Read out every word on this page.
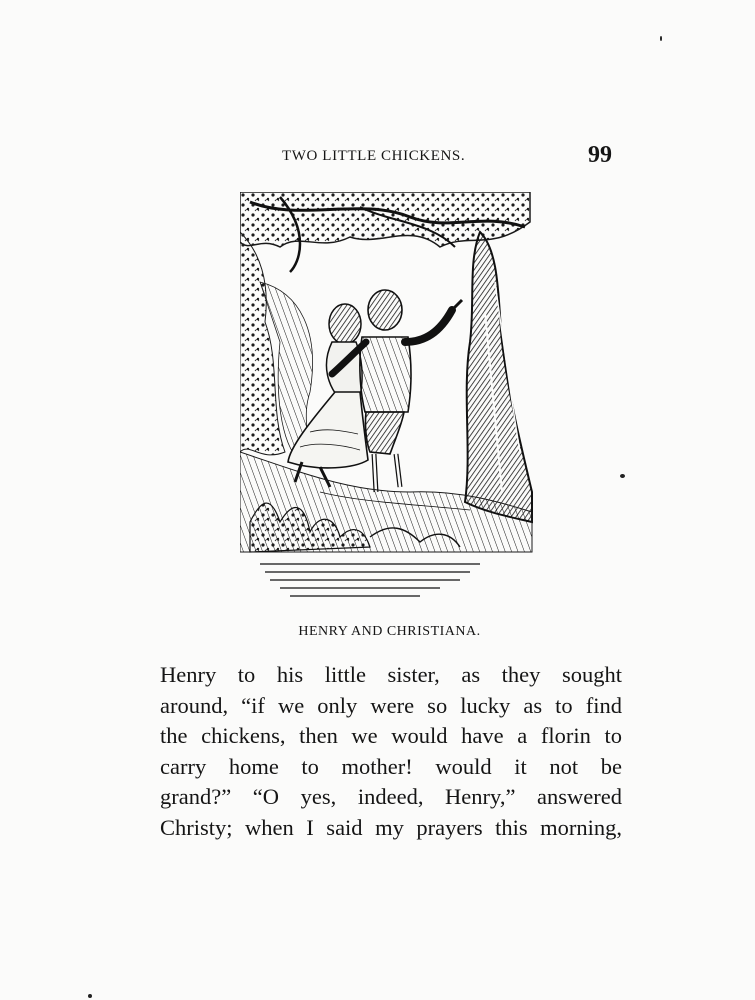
TWO LITTLE CHICKENS.	99
HENRY AND CHRISTIANA.
Henry to his little sister, as they sought
around, “if we only were so lucky as to find
the chickens, then we would have a florin to
carry home to mother! would it not be
grand?” “O yes, indeed, Henry,” answered
Christy; when I said my prayers this morning,
